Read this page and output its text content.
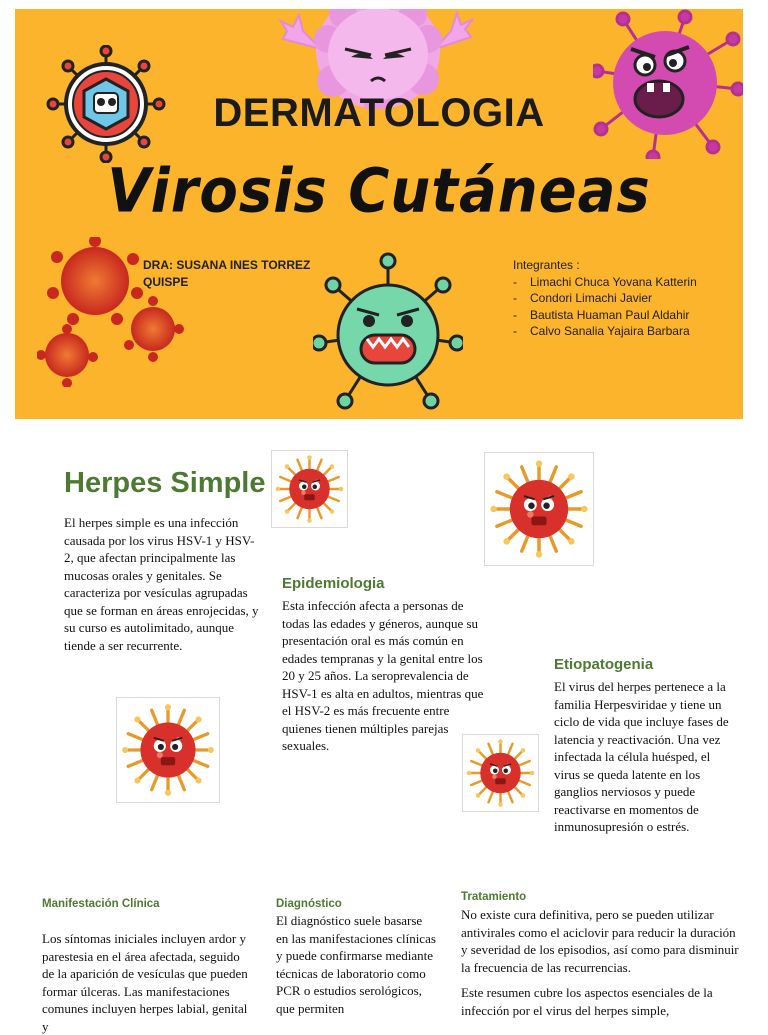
DERMATOLOGIA
Virosis Cutáneas
DRA: SUSANA INES TORREZ QUISPE
Integrantes :
- Limachi Chuca Yovana Katterin
- Condori Limachi Javier
- Bautista Huaman Paul Aldahir
- Calvo Sanalia Yajaira Barbara
Herpes Simple

El herpes simple es una infección causada por los virus HSV-1 y HSV-2, que afectan principalmente las mucosas orales y genitales. Se caracteriza por vesículas agrupadas que se forman en áreas enrojecidas, y su curso es autolimitado, aunque tiende a ser recurrente.

Epidemiologia

Esta infección afecta a personas de todas las edades y géneros, aunque su presentación oral es más común en edades tempranas y la genital entre los 20 y 25 años. La seroprevalencia de HSV-1 es alta en adultos, mientras que el HSV-2 es más frecuente entre quienes tienen múltiples parejas sexuales.

Etiopatogenia

El virus del herpes pertenece a la familia Herpesviridae y tiene un ciclo de vida que incluye fases de latencia y reactivación. Una vez infectada la célula huésped, el virus se queda latente en los ganglios nerviosos y puede reactivarse en momentos de inmunosupresión o estrés.

Manifestación Clínica

Los síntomas iniciales incluyen ardor y parestesia en el área afectada, seguido de la aparición de vesículas que pueden formar úlceras. Las manifestaciones comunes incluyen herpes labial, genital y

Diagnóstico

El diagnóstico suele basarse en las manifestaciones clínicas y puede confirmarse mediante técnicas de laboratorio como PCR o estudios serológicos, que permiten

Tratamiento

No existe cura definitiva, pero se pueden utilizar antivirales como el aciclovir para reducir la duración y severidad de los episodios, así como para disminuir la frecuencia de las recurrencias.

Este resumen cubre los aspectos esenciales de la infección por el virus del herpes simple,
